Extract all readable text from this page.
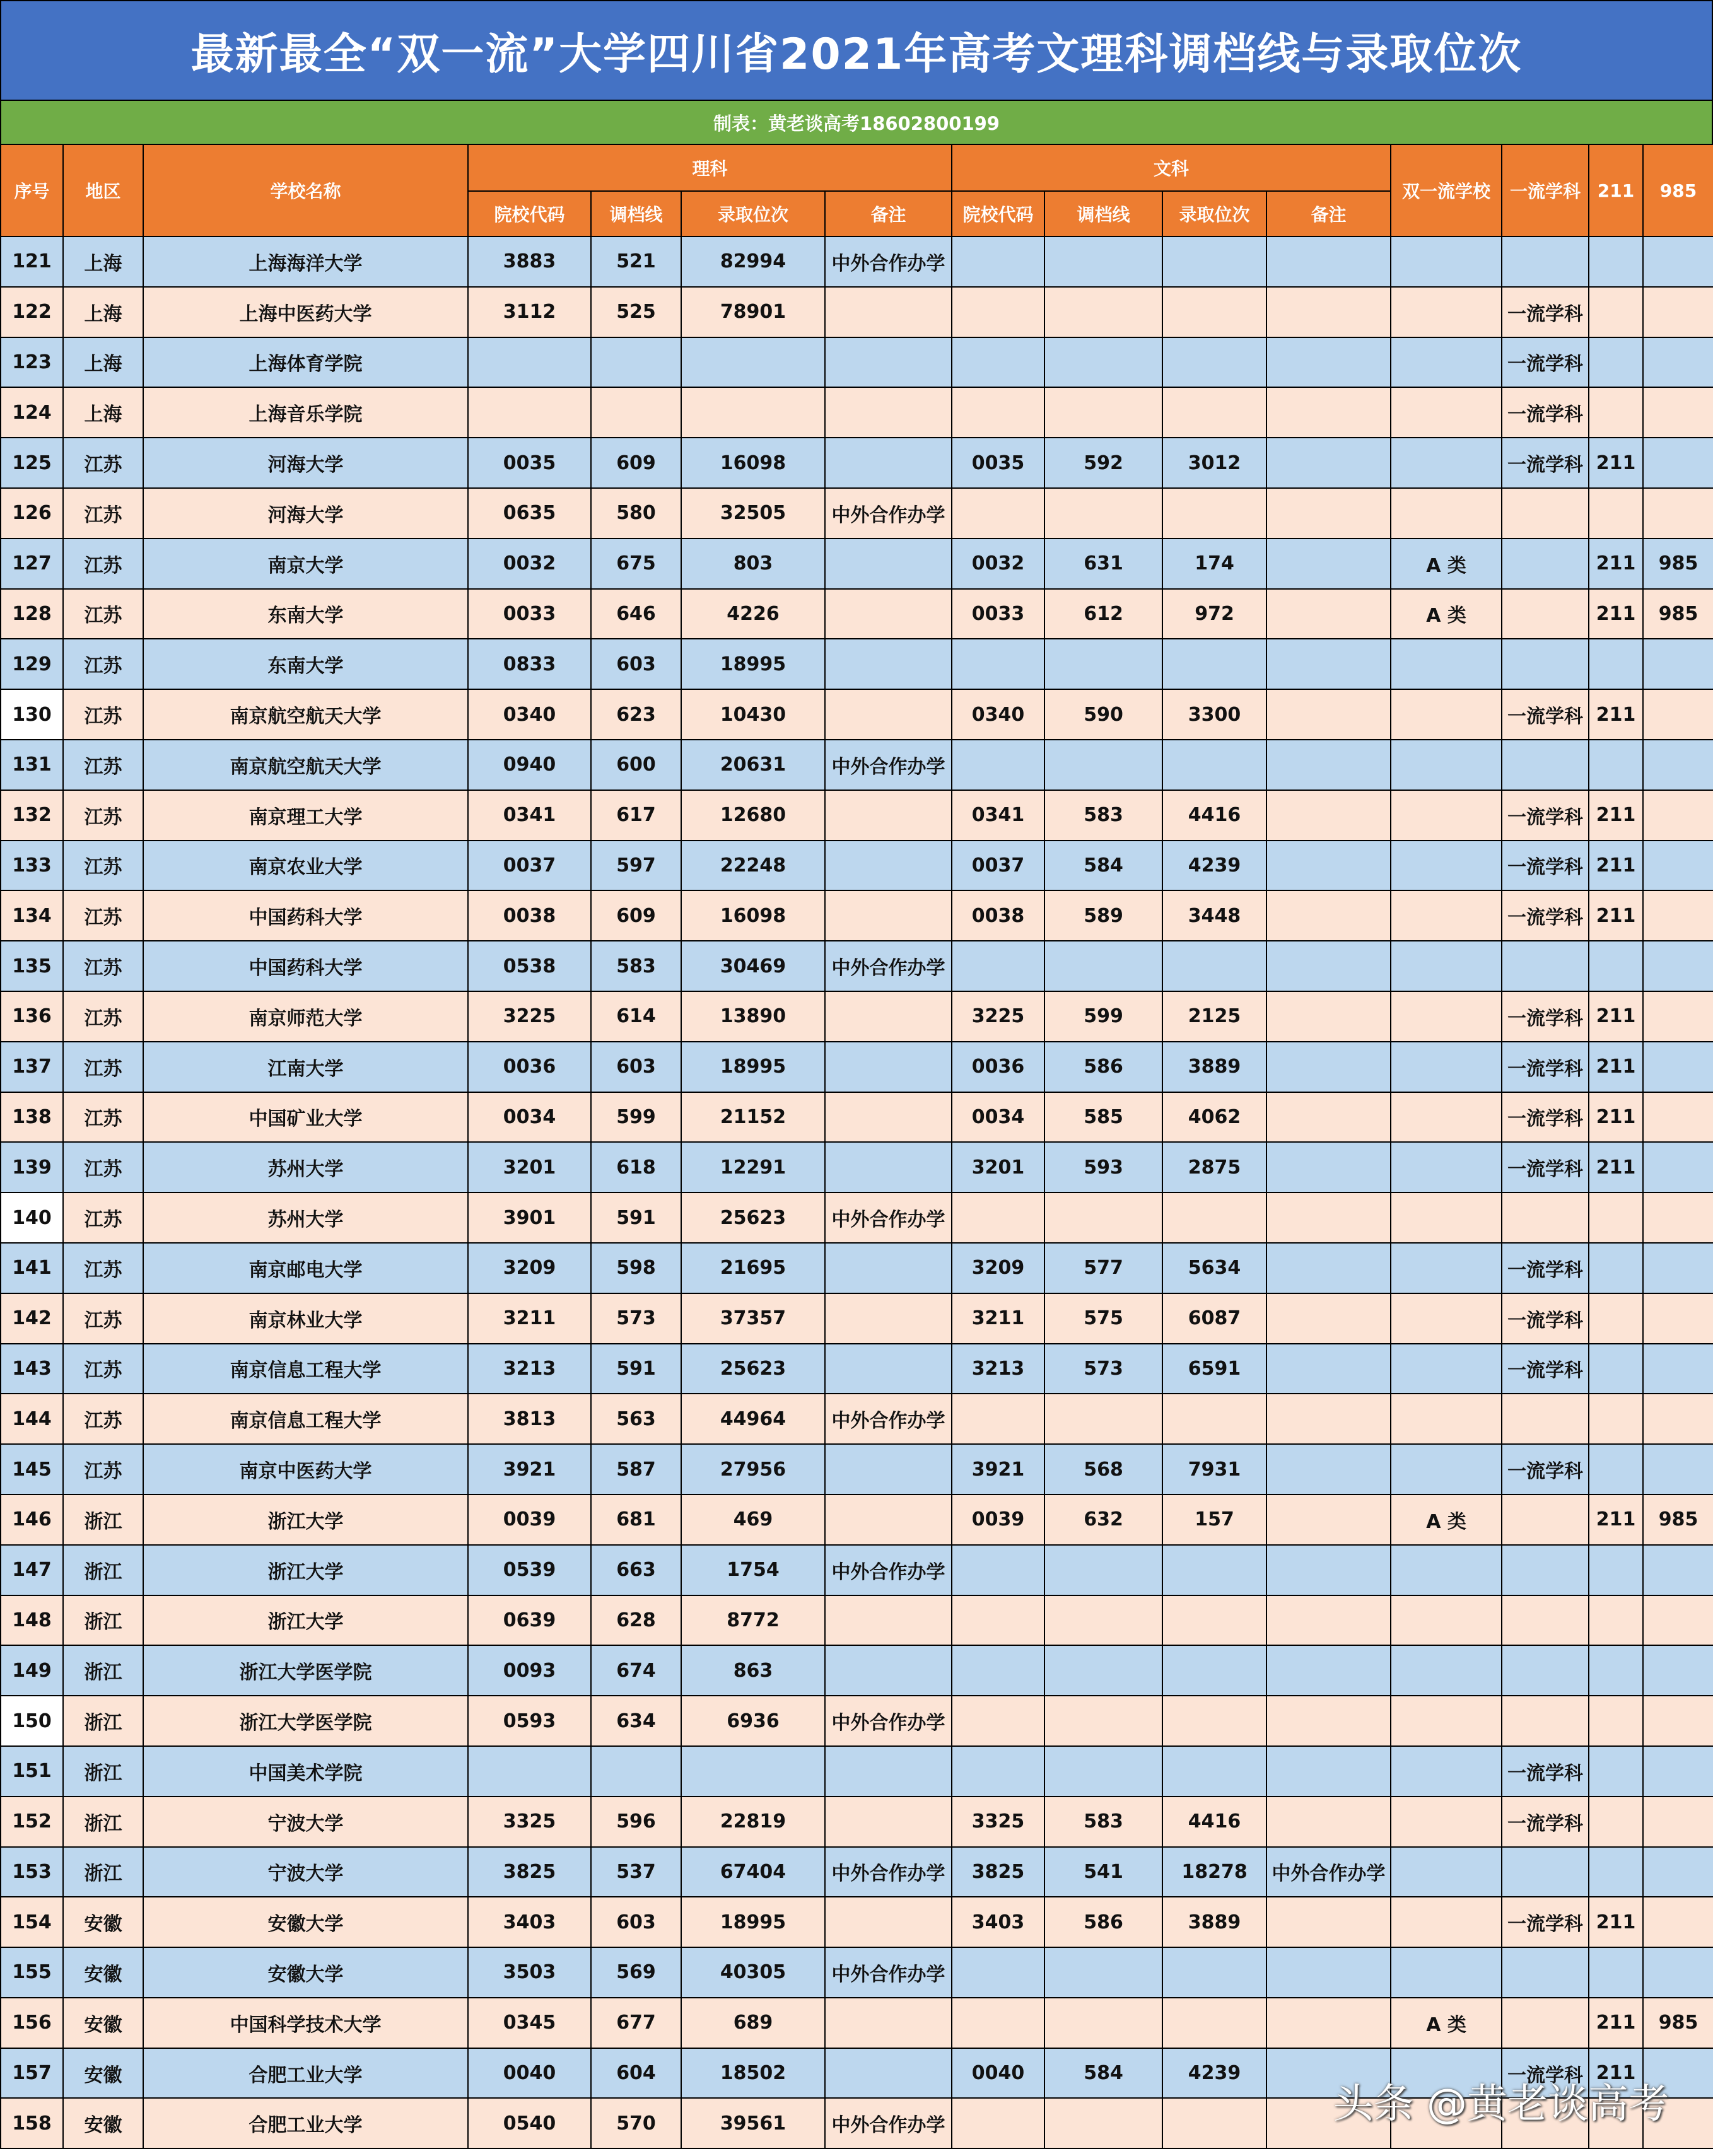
最新最全“双一流”大学四川省2021年高考文理科调档线与录取位次
制表：黄老谈高考18602800199
序号	地区	学校名称	理科				文科				双一流学校	一流学科	211	985
			院校代码	调档线	录取位次	备注	院校代码	调档线	录取位次	备注				
121	上海	上海海洋大学	3883	521	82994	中外合作办学								
122	上海	上海中医药大学	3112	525	78901							一流学科		
123	上海	上海体育学院										一流学科		
124	上海	上海音乐学院										一流学科		
125	江苏	河海大学	0035	609	16098		0035	592	3012			一流学科	211	
126	江苏	河海大学	0635	580	32505	中外合作办学								
127	江苏	南京大学	0032	675	803		0032	631	174		A 类		211	985
128	江苏	东南大学	0033	646	4226		0033	612	972		A 类		211	985
129	江苏	东南大学	0833	603	18995									
130	江苏	南京航空航天大学	0340	623	10430		0340	590	3300			一流学科	211	
131	江苏	南京航空航天大学	0940	600	20631	中外合作办学								
132	江苏	南京理工大学	0341	617	12680		0341	583	4416			一流学科	211	
133	江苏	南京农业大学	0037	597	22248		0037	584	4239			一流学科	211	
134	江苏	中国药科大学	0038	609	16098		0038	589	3448			一流学科	211	
135	江苏	中国药科大学	0538	583	30469	中外合作办学								
136	江苏	南京师范大学	3225	614	13890		3225	599	2125			一流学科	211	
137	江苏	江南大学	0036	603	18995		0036	586	3889			一流学科	211	
138	江苏	中国矿业大学	0034	599	21152		0034	585	4062			一流学科	211	
139	江苏	苏州大学	3201	618	12291		3201	593	2875			一流学科	211	
140	江苏	苏州大学	3901	591	25623	中外合作办学								
141	江苏	南京邮电大学	3209	598	21695		3209	577	5634			一流学科		
142	江苏	南京林业大学	3211	573	37357		3211	575	6087			一流学科		
143	江苏	南京信息工程大学	3213	591	25623		3213	573	6591			一流学科		
144	江苏	南京信息工程大学	3813	563	44964	中外合作办学								
145	江苏	南京中医药大学	3921	587	27956		3921	568	7931			一流学科		
146	浙江	浙江大学	0039	681	469		0039	632	157		A 类		211	985
147	浙江	浙江大学	0539	663	1754	中外合作办学								
148	浙江	浙江大学	0639	628	8772									
149	浙江	浙江大学医学院	0093	674	863									
150	浙江	浙江大学医学院	0593	634	6936	中外合作办学								
151	浙江	中国美术学院										一流学科		
152	浙江	宁波大学	3325	596	22819		3325	583	4416			一流学科		
153	浙江	宁波大学	3825	537	67404	中外合作办学	3825	541	18278	中外合作办学				
154	安徽	安徽大学	3403	603	18995		3403	586	3889			一流学科	211	
155	安徽	安徽大学	3503	569	40305	中外合作办学								
156	安徽	中国科学技术大学	0345	677	689						A 类		211	985
157	安徽	合肥工业大学	0040	604	18502		0040	584	4239			一流学科	211	
158	安徽	合肥工业大学	0540	570	39561	中外合作办学									头条 @黄老谈高考
